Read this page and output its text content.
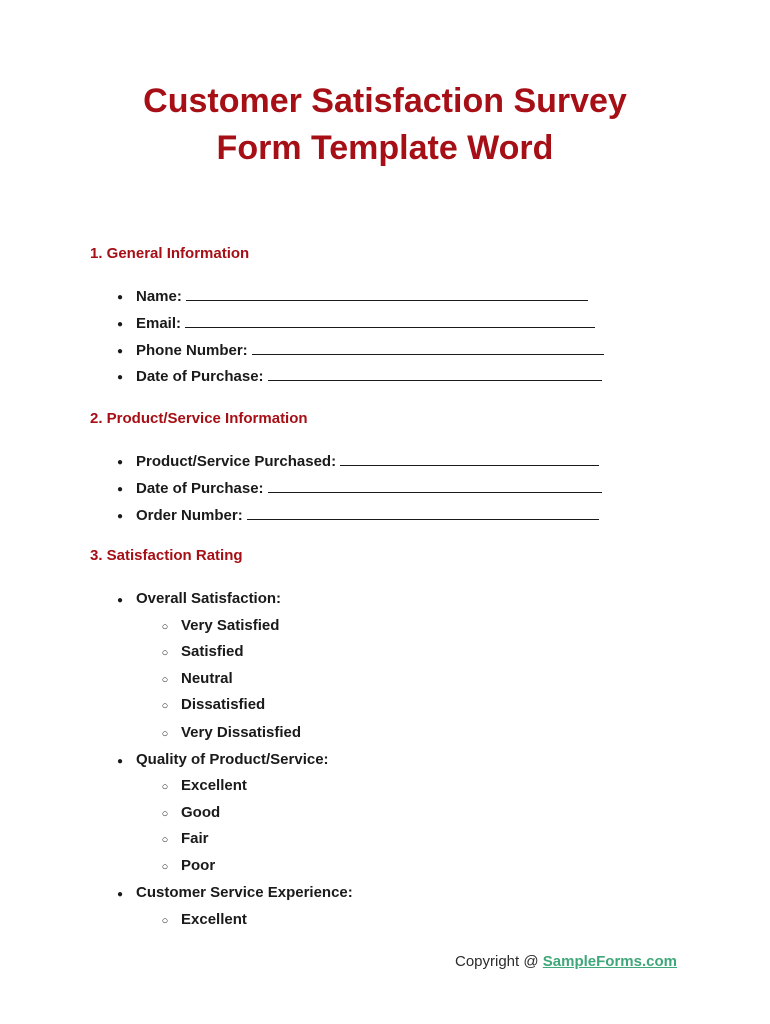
Customer Satisfaction Survey
Form Template Word
1. General Information
●
Name:
●
Email:
●
Phone Number:
●
Date of Purchase:
2. Product/Service Information
●
Product/Service Purchased:
●
Date of Purchase:
●
Order Number:
3. Satisfaction Rating
●
Overall Satisfaction:
○
Very Satisfied
○
Satisfied
○
Neutral
○
Dissatisfied
○
Very Dissatisfied
●
Quality of Product/Service:
○
Excellent
○
Good
○
Fair
○
Poor
●
Customer Service Experience:
○
Excellent
Copyright @ SampleForms.com
